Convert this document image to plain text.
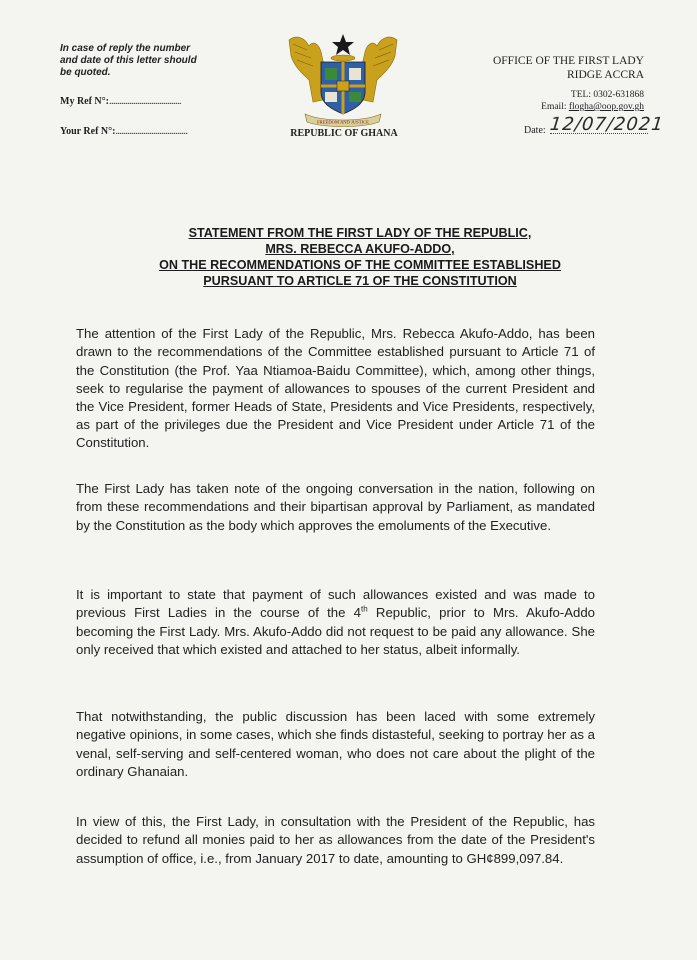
In case of reply the number and date of this letter should be quoted.
My Ref N°:....................................
Your Ref N°:....................................
FREEDOM AND JUSTICE
REPUBLIC OF GHANA
OFFICE OF THE FIRST LADY
RIDGE ACCRA
TEL: 0302-631868
Email: flogha@oop.gov.gh
Date: 12/07/2021
STATEMENT FROM THE FIRST LADY OF THE REPUBLIC,
MRS. REBECCA AKUFO-ADDO,
ON THE RECOMMENDATIONS OF THE COMMITTEE ESTABLISHED
PURSUANT TO ARTICLE 71 OF THE CONSTITUTION

The attention of the First Lady of the Republic, Mrs. Rebecca Akufo-Addo, has been drawn to the recommendations of the Committee established pursuant to Article 71 of the Constitution (the Prof. Yaa Ntiamoa-Baidu Committee), which, among other things, seek to regularise the payment of allowances to spouses of the current President and the Vice President, former Heads of State, Presidents and Vice Presidents, respectively, as part of the privileges due the President and Vice President under Article 71 of the Constitution.

The First Lady has taken note of the ongoing conversation in the nation, following on from these recommendations and their bipartisan approval by Parliament, as mandated by the Constitution as the body which approves the emoluments of the Executive.

It is important to state that payment of such allowances existed and was made to previous First Ladies in the course of the 4th Republic, prior to Mrs. Akufo-Addo becoming the First Lady. Mrs. Akufo-Addo did not request to be paid any allowance. She only received that which existed and attached to her status, albeit informally.

That notwithstanding, the public discussion has been laced with some extremely negative opinions, in some cases, which she finds distasteful, seeking to portray her as a venal, self-serving and self-centered woman, who does not care about the plight of the ordinary Ghanaian.

In view of this, the First Lady, in consultation with the President of the Republic, has decided to refund all monies paid to her as allowances from the date of the President's assumption of office, i.e., from January 2017 to date, amounting to GH¢899,097.84.
